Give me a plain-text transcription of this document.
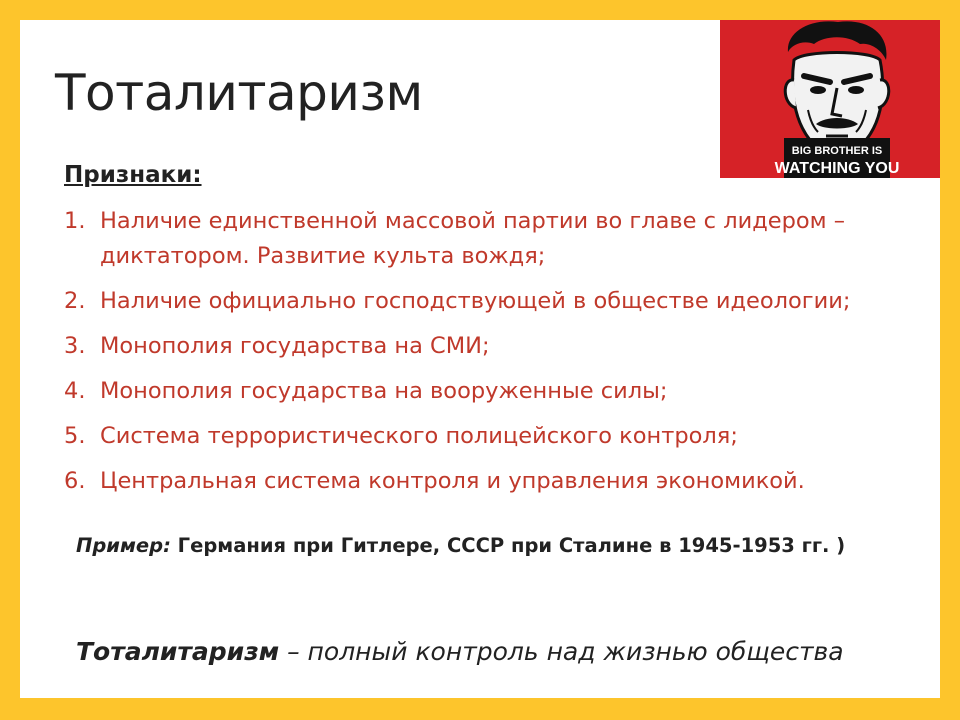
Тоталитаризм
BIG BROTHER IS
WATCHING YOU
Признаки:
1. Наличие единственной массовой партии во главе с лидером – диктатором. Развитие культа вождя;
2. Наличие официально господствующей в обществе идеологии;
3. Монополия государства на СМИ;
4. Монополия государства на вооруженные силы;
5. Система террористического полицейского контроля;
6. Центральная система контроля и управления экономикой.
Пример: Германия при Гитлере, СССР при Сталине в 1945-1953 гг. )
Тоталитаризм – полный контроль над жизнью общества
